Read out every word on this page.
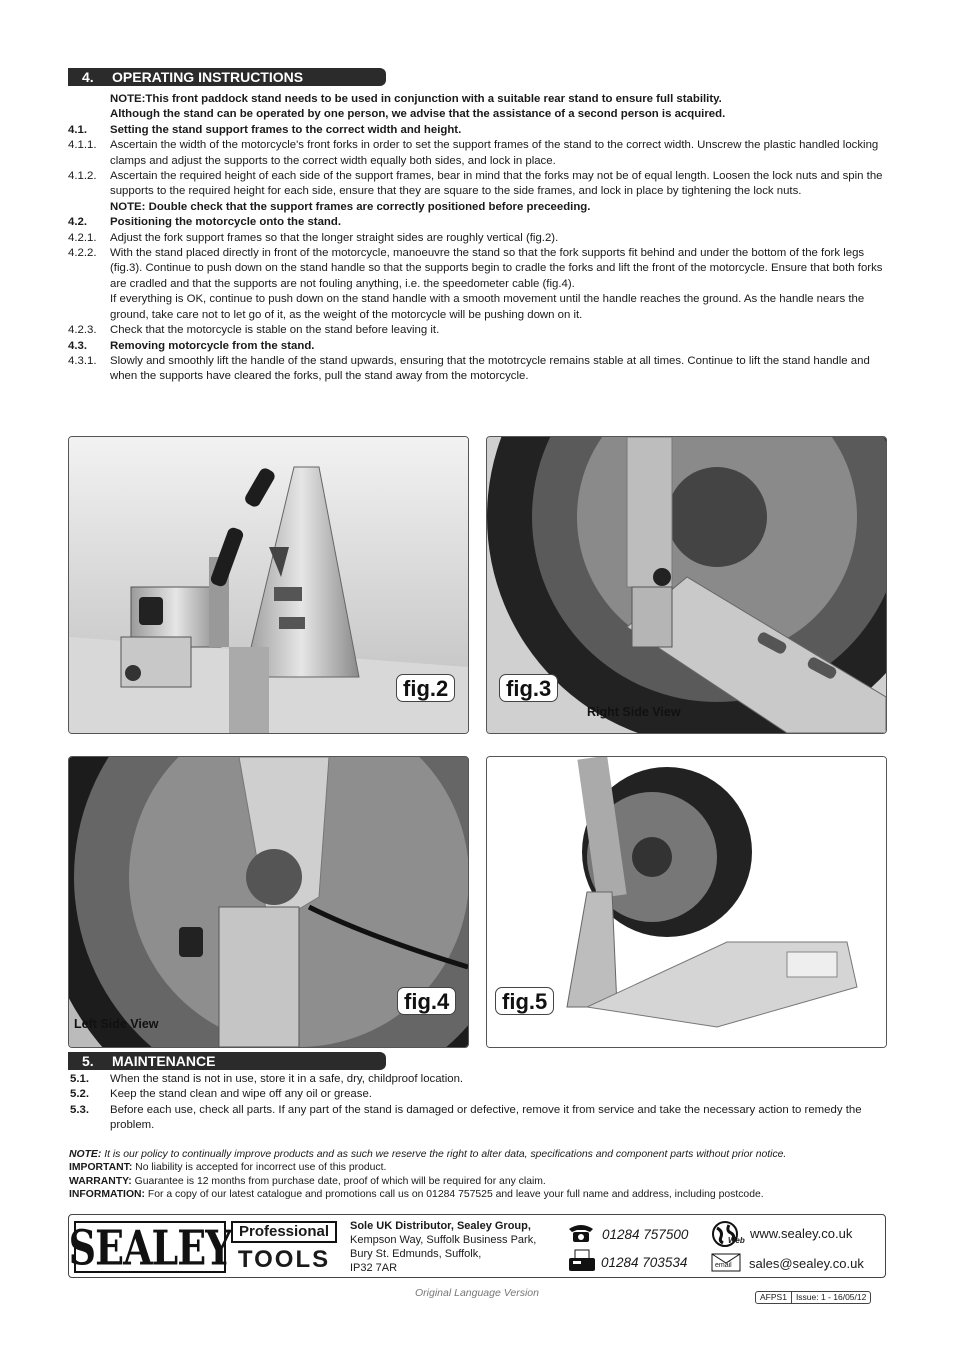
4. OPERATING INSTRUCTIONS
NOTE:This front paddock stand needs to be used in conjunction with a suitable rear stand to ensure full stability.
Although the stand can be operated by one person, we advise that the assistance of a second person is acquired.
4.1.	Setting the stand support frames to the correct width and height.
4.1.1.	Ascertain the width of the motorcycle's front forks in order to set the support frames of the stand to the correct width. Unscrew the plastic handled locking clamps and adjust the supports to the correct width equally both sides, and lock in place.
4.1.2.	Ascertain the required height of each side of the support frames, bear in mind that the forks may not be of equal length. Loosen the lock nuts and spin the supports to the required height for each side, ensure that they are square to the side frames, and lock in place by tightening the lock nuts.
NOTE: Double check that the support frames are correctly positioned before preceeding.
4.2.	Positioning the motorcycle onto the stand.
4.2.1.	Adjust the fork support frames so that the longer straight sides are roughly vertical (fig.2).
4.2.2.	With the stand placed directly in front of the motorcycle, manoeuvre the stand so that the fork supports fit behind and under the bottom of the fork legs (fig.3). Continue to push down on the stand handle so that the supports begin to cradle the forks and lift the front of the motorcycle. Ensure that both forks are cradled and that the supports are not fouling anything, i.e. the speedometer cable (fig.4).
If everything is OK, continue to push down on the stand handle with a smooth movement until the handle reaches the ground. As the handle nears the ground, take care not to let go of it, as the weight of the motorcycle will be pushing down on it.
4.2.3.	Check that the motorcycle is stable on the stand before leaving it.
4.3.	Removing motorcycle from the stand.
4.3.1.	Slowly and smoothly lift the handle of the stand upwards, ensuring that the mototrcycle remains stable at all times. Continue to lift the stand handle and when the supports have cleared the forks, pull the stand away from the motorcycle.
fig.2	fig.3
Right Side View
fig.4
Left Side View
fig.5
5. MAINTENANCE
5.1.	When the stand is not in use, store it in a safe, dry, childproof location.
5.2.	Keep the stand clean and wipe off any oil or grease.
5.3.	Before each use, check all parts. If any part of the stand is damaged or defective, remove it from service and take the necessary action to remedy the problem.
NOTE: It is our policy to continually improve products and as such we reserve the right to alter data, specifications and component parts without prior notice.
IMPORTANT: No liability is accepted for incorrect use of this product.
WARRANTY: Guarantee is 12 months from purchase date, proof of which will be required for any claim.
INFORMATION: For a copy of our latest catalogue and promotions call us on 01284 757525 and leave your full name and address, including postcode.
SEALEY Professional
TOOLS
Sole UK Distributor, Sealey Group,
Kempson Way, Suffolk Business Park,
Bury St. Edmunds, Suffolk,
IP32 7AR
01284 757500
01284 703534
Web www.sealey.co.uk
email sales@sealey.co.uk
Original Language Version	AFPS1	Issue: 1 - 16/05/12
